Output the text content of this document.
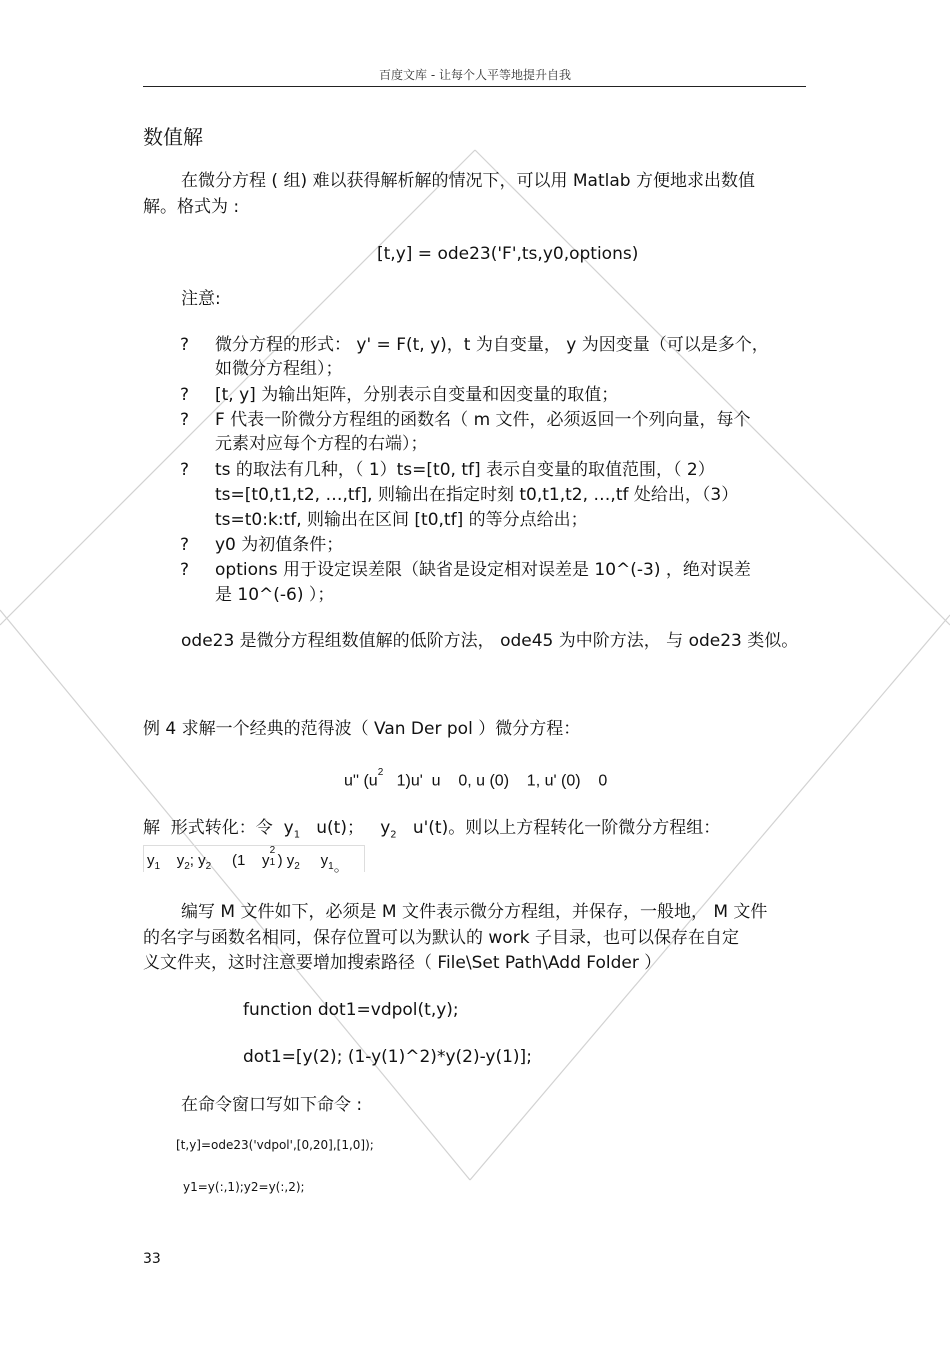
百度文库 - 让每个人平等地提升自我
数值解
在微分方程 ( 组) 难以获得解析解的情况下，可以用 Matlab 方便地求出数值
解。格式为 :
[t,y] = ode23('F',ts,y0,options)
注意:
? 微分方程的形式： y' = F(t, y)，t 为自变量， y 为因变量（可以是多个，
如微分方程组）；
? [t, y] 为输出矩阵，分别表示自变量和因变量的取值；
? F 代表一阶微分方程组的函数名（ m 文件，必须返回一个列向量，每个
元素对应每个方程的右端）；
? ts 的取法有几种，（ 1）ts=[t0, tf] 表示自变量的取值范围，（ 2）
ts=[t0,t1,t2, …,tf], 则输出在指定时刻 t0,t1,t2, …,tf 处给出，（3）
ts=t0:k:tf, 则输出在区间 [t0,tf] 的等分点给出；
? y0 为初值条件；
? options 用于设定误差限（缺省是设定相对误差是 10^(-3) ，绝对误差
是 10^(-6) ）；
ode23 是微分方程组数值解的低阶方法， ode45 为中阶方法， 与 ode23 类似。
例 4 求解一个经典的范得波（ Van Der pol ）微分方程：
u'' ($u^2$   1)u'  u    0, u (0)    1, u' (0)    0
解  形式转化：令  $y_1$   u(t)；   $y_2$   u'(t)。则以上方程转化一阶微分方程组：
$y_1$    $y_2$; $y_2$     (1    y
2
1 ) $y_2$     $y_1$。
编写 M 文件如下，必须是 M 文件表示微分方程组，并保存，一般地， M 文件
的名字与函数名相同，保存位置可以为默认的 work 子目录，也可以保存在自定
义文件夹，这时注意要增加搜索路径（ File\Set Path\Add Folder ）
function dot1=vdpol(t,y);
dot1=[y(2); (1-y(1)^2)*y(2)-y(1)];
在命令窗口写如下命令 :
[t,y]=ode23('vdpol',[0,20],[1,0]);
y1=y(:,1);y2=y(:,2);
33
